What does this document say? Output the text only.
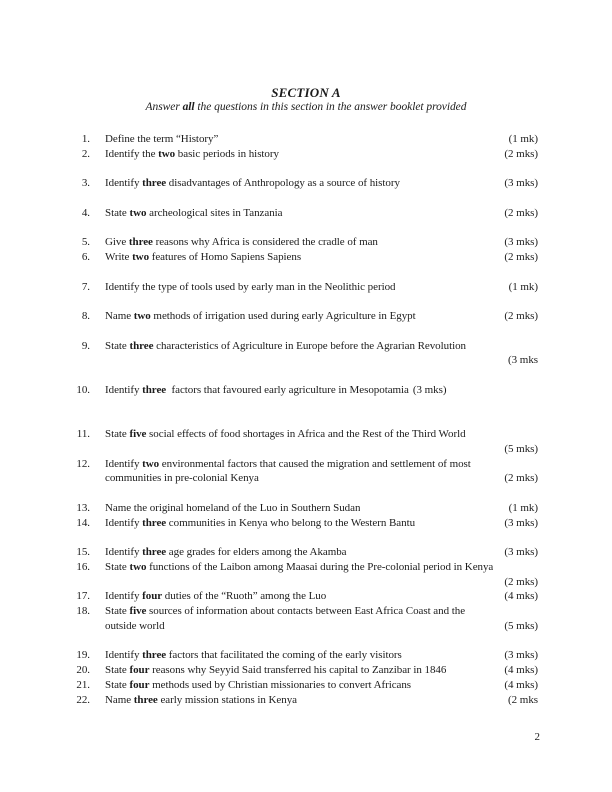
SECTION A
Answer all the questions in this section in the answer booklet provided
1. Define the term “History”	(1 mk)
2. Identify the two basic periods in history	(2 mks)
3. Identify three disadvantages of Anthropology as a source of history	(3 mks)
4. State two archeological sites in Tanzania	(2 mks)
5. Give three reasons why Africa is considered the cradle of man	(3 mks)
6. Write two features of Homo Sapiens Sapiens	(2 mks)
7. Identify the type of tools used by early man in the Neolithic period	(1 mk)
8. Name two methods of irrigation used during early Agriculture in Egypt	(2 mks)
9. State three characteristics of Agriculture in Europe before the Agrarian Revolution
(3 mks
10. Identify three  factors that favoured early agriculture in Mesopotamia (3 mks)
11. State five social effects of food shortages in Africa and the Rest of the Third World
(5 mks)
12. Identify two environmental factors that caused the migration and settlement of most
communities in pre-colonial Kenya	(2 mks)
13. Name the original homeland of the Luo in Southern Sudan	(1 mk)
14. Identify three communities in Kenya who belong to the Western Bantu	(3 mks)
15. Identify three age grades for elders among the Akamba	(3 mks)
16. State two functions of the Laibon among Maasai during the Pre-colonial period in Kenya
(2 mks)
17. Identify four duties of the “Ruoth” among the Luo	(4 mks)
18. State five sources of information about contacts between East Africa Coast and the
outside world	(5 mks)
19. Identify three factors that facilitated the coming of the early visitors	(3 mks)
20. State four reasons why Seyyid Said transferred his capital to Zanzibar in 1846	(4 mks)
21. State four methods used by Christian missionaries to convert Africans	(4 mks)
22. Name three early mission stations in Kenya	(2 mks
2
